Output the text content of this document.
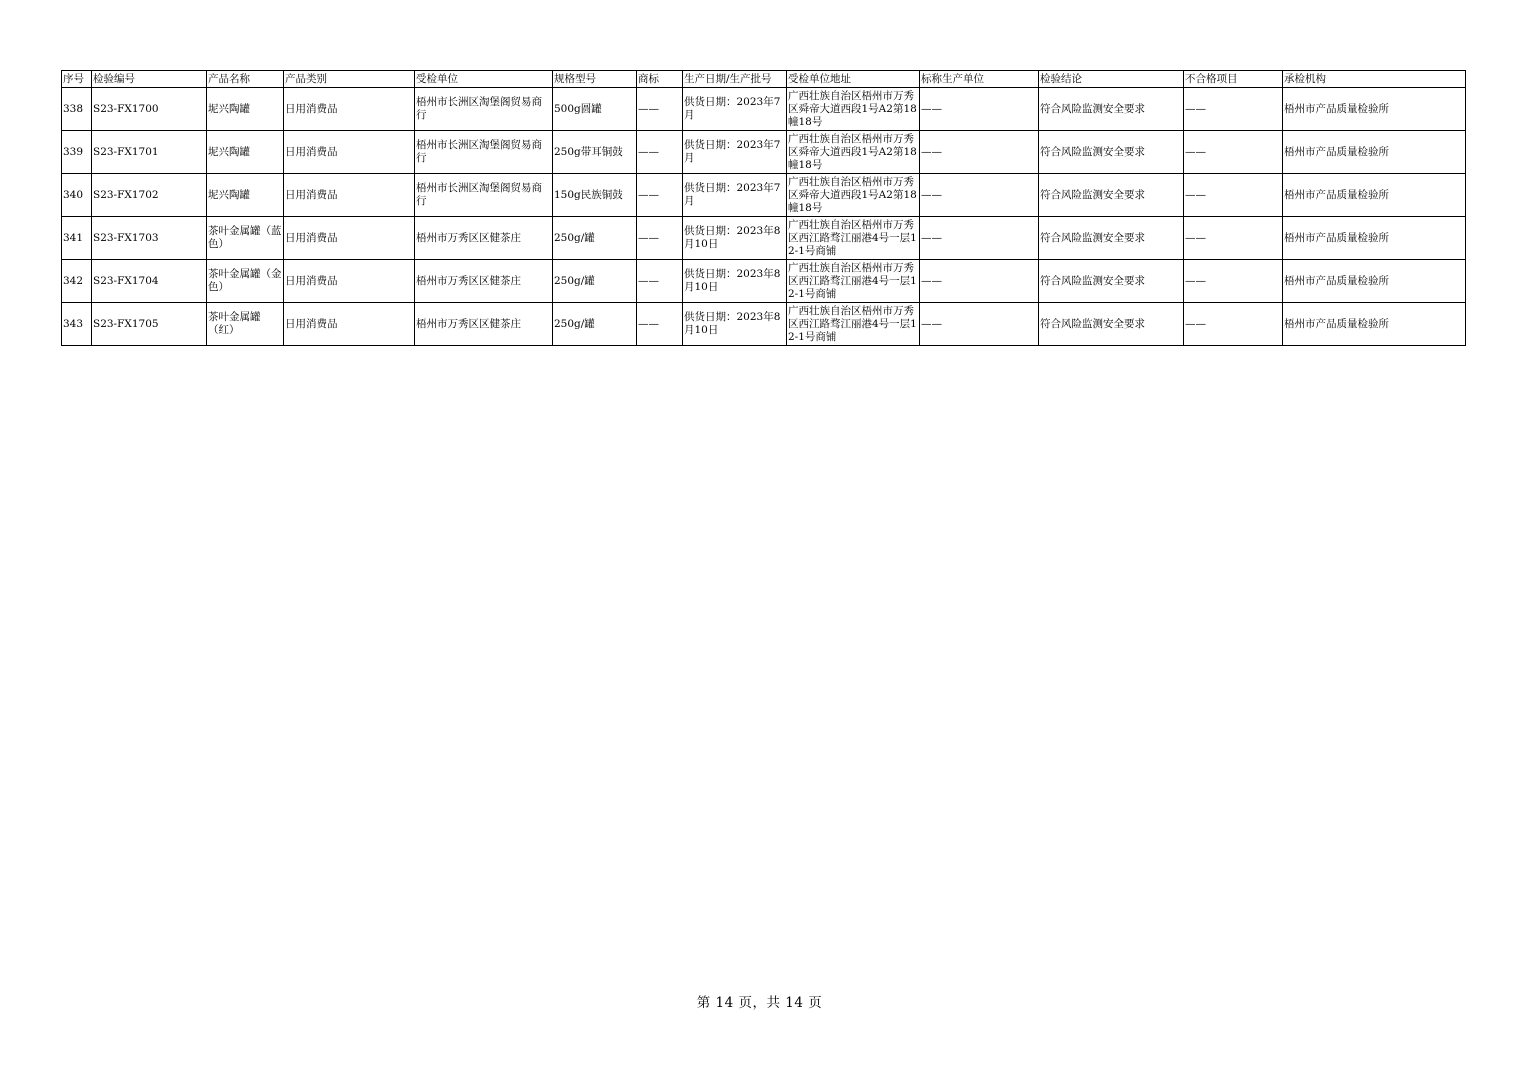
序号	检验编号	产品名称	产品类别	受检单位	规格型号	商标	生产日期/生产批号	受检单位地址	标称生产单位	检验结论	不合格项目	承检机构
338	S23-FX1700	坭兴陶罐	日用消费品	梧州市长洲区淘堡阁贸易商行	500g圆罐	——	供货日期：2023年7月	广西壮族自治区梧州市万秀区舜帝大道西段1号A2第18幢18号	——	符合风险监测安全要求	——	梧州市产品质量检验所
339	S23-FX1701	坭兴陶罐	日用消费品	梧州市长洲区淘堡阁贸易商行	250g带耳铜鼓	——	供货日期：2023年7月	广西壮族自治区梧州市万秀区舜帝大道西段1号A2第18幢18号	——	符合风险监测安全要求	——	梧州市产品质量检验所
340	S23-FX1702	坭兴陶罐	日用消费品	梧州市长洲区淘堡阁贸易商行	150g民族铜鼓	——	供货日期：2023年7月	广西壮族自治区梧州市万秀区舜帝大道西段1号A2第18幢18号	——	符合风险监测安全要求	——	梧州市产品质量检验所
341	S23-FX1703	茶叶金属罐（蓝色）	日用消费品	梧州市万秀区区健茶庄	250g/罐	——	供货日期：2023年8月10日	广西壮族自治区梧州市万秀区西江路骛江丽港4号一层12-1号商铺	——	符合风险监测安全要求	——	梧州市产品质量检验所
342	S23-FX1704	茶叶金属罐（金色）	日用消费品	梧州市万秀区区健茶庄	250g/罐	——	供货日期：2023年8月10日	广西壮族自治区梧州市万秀区西江路骛江丽港4号一层12-1号商铺	——	符合风险监测安全要求	——	梧州市产品质量检验所
343	S23-FX1705	茶叶金属罐（红）	日用消费品	梧州市万秀区区健茶庄	250g/罐	——	供货日期：2023年8月10日	广西壮族自治区梧州市万秀区西江路骛江丽港4号一层12-1号商铺	——	符合风险监测安全要求	——	梧州市产品质量检验所
第 14 页，共 14 页
